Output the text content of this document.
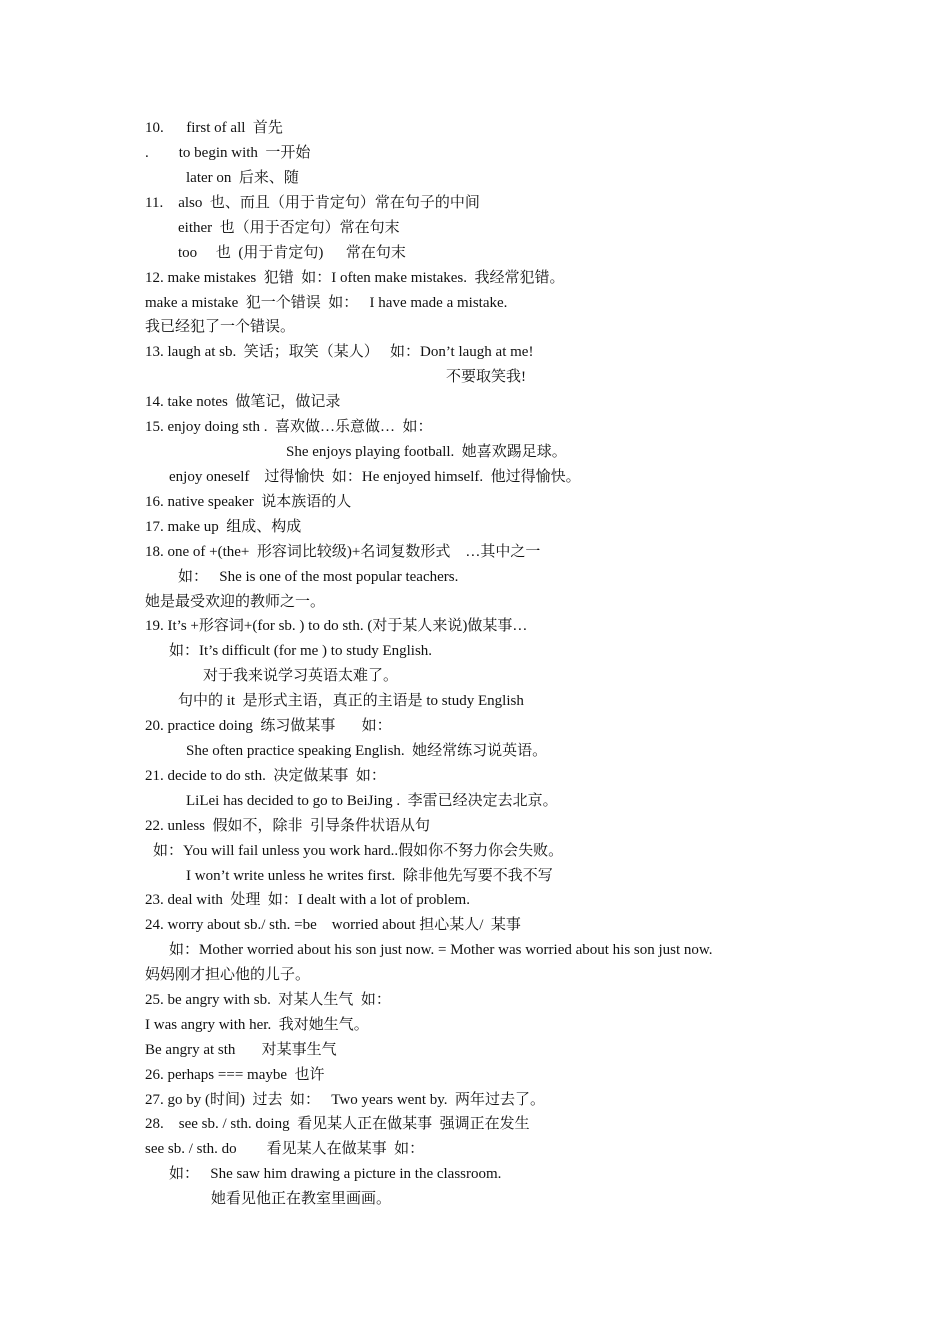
10.      first of all  首先
.        to begin with  一开始
later on  后来、随
11.    also  也、而且（用于肯定句）常在句子的中间
either  也（用于否定句）常在句末
too     也  (用于肯定句)      常在句末
12. make mistakes  犯错  如：I often make mistakes.  我经常犯错。
make a mistake  犯一个错误  如：   I have made a mistake.
我已经犯了一个错误。
13. laugh at sb.  笑话；取笑（某人）   如：Don’t laugh at me!
不要取笑我!
14. take notes  做笔记，做记录
15. enjoy doing sth .  喜欢做…乐意做…  如：
She enjoys playing football.  她喜欢踢足球。
enjoy oneself    过得愉快  如：He enjoyed himself.  他过得愉快。
16. native speaker  说本族语的人
17. make up  组成、构成
18. one of +(the+  形容词比较级)+名词复数形式    …其中之一
如：   She is one of the most popular teachers.
她是最受欢迎的教师之一。
19. It’s +形容词+(for sb. ) to do sth. (对于某人来说)做某事…
如：It’s difficult (for me ) to study English.
对于我来说学习英语太难了。
句中的 it  是形式主语，真正的主语是 to study English
20. practice doing  练习做某事       如：
She often practice speaking English.  她经常练习说英语。
21. decide to do sth.  决定做某事  如：
LiLei has decided to go to BeiJing .  李雷已经决定去北京。
22. unless  假如不，除非  引导条件状语从句
如：You will fail unless you work hard..假如你不努力你会失败。
I won’t write unless he writes first.  除非他先写要不我不写
23. deal with  处理  如：I dealt with a lot of problem.
24. worry about sb./ sth. =be    worried about 担心某人/  某事
如：Mother worried about his son just now. = Mother was worried about his son just now.
妈妈刚才担心他的儿子。
25. be angry with sb.  对某人生气  如：
I was angry with her.  我对她生气。
Be angry at sth       对某事生气
26. perhaps === maybe  也许
27. go by (时间)  过去  如：   Two years went by.  两年过去了。
28.    see sb. / sth. doing  看见某人正在做某事  强调正在发生
see sb. / sth. do        看见某人在做某事  如：
如：   She saw him drawing a picture in the classroom.
她看见他正在教室里画画。
